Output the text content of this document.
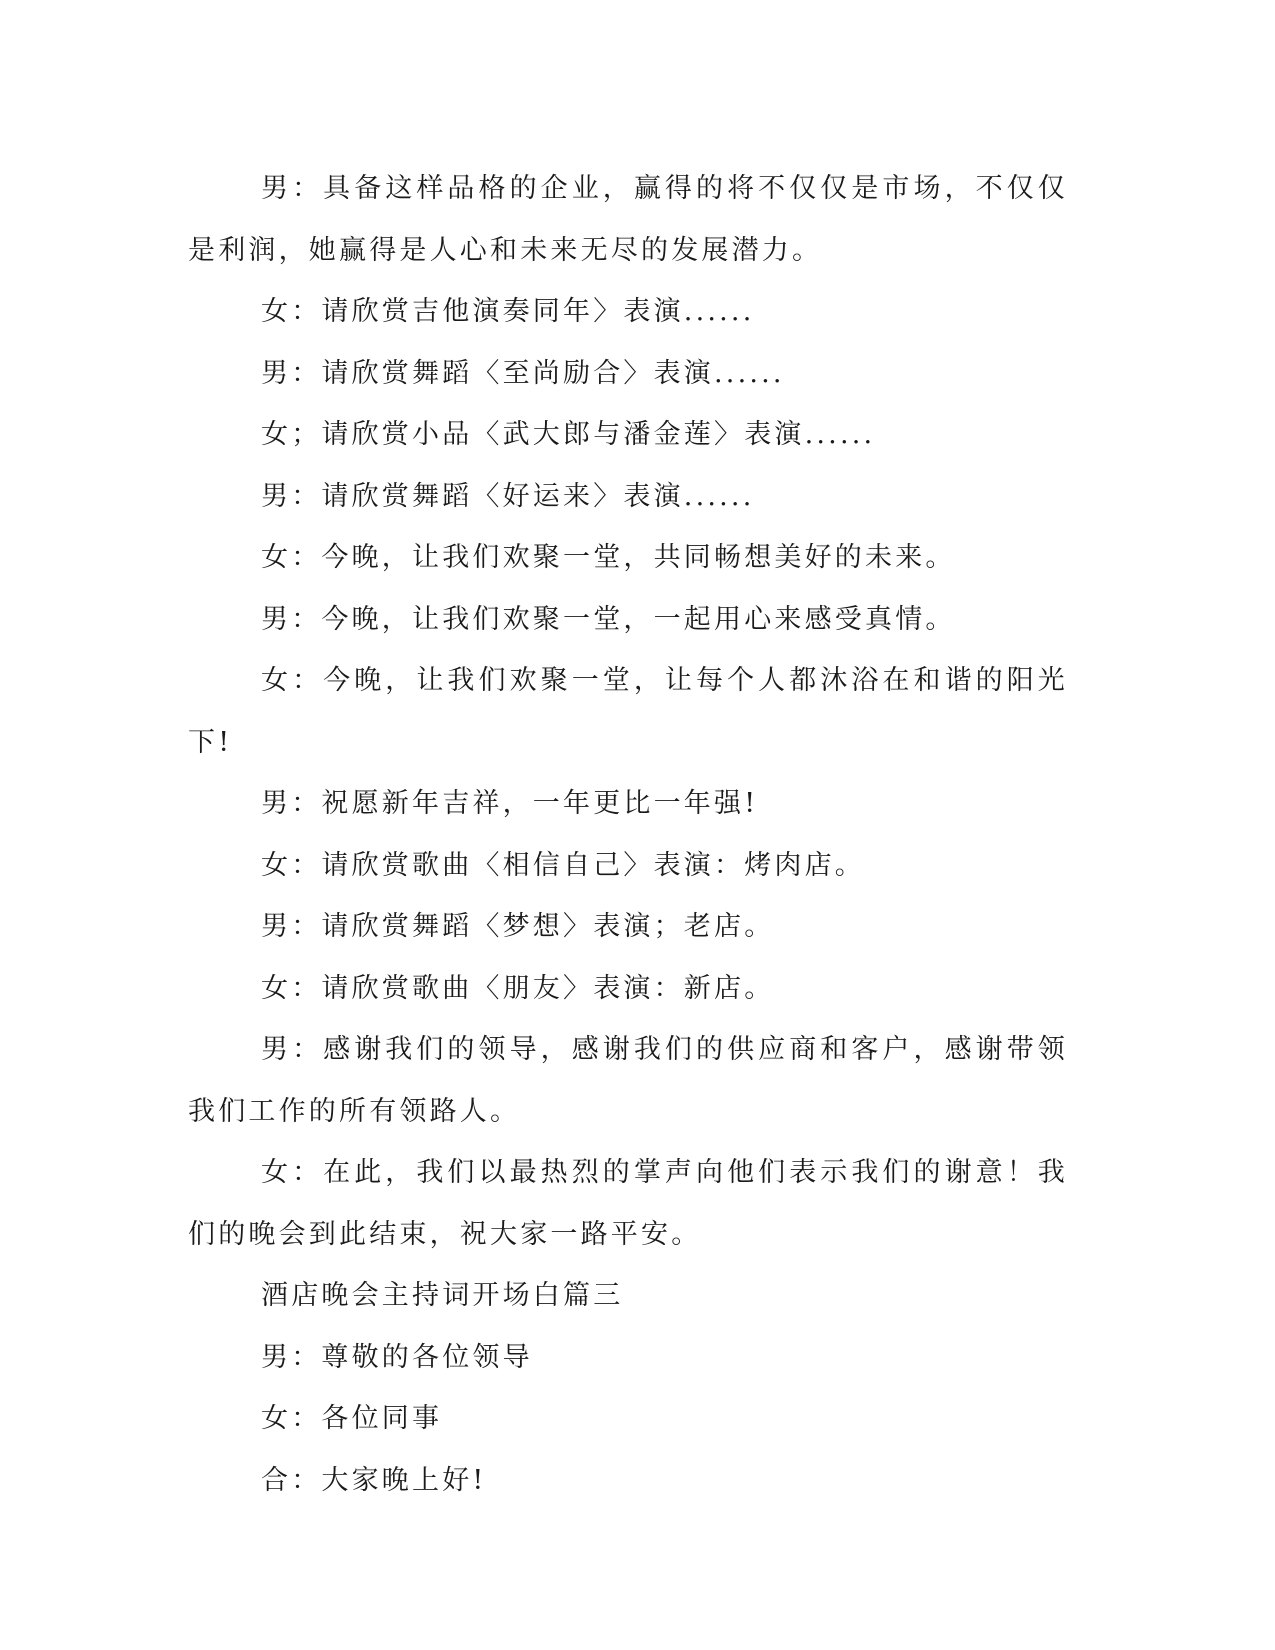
男：具备这样品格的企业，赢得的将不仅仅是市场，不仅仅是利润，她赢得是人心和未来无尽的发展潜力。

女：请欣赏吉他演奏同年〉表演......

男：请欣赏舞蹈〈至尚励合〉表演......

女；请欣赏小品〈武大郎与潘金莲〉表演......

男：请欣赏舞蹈〈好运来〉表演......

女：今晚，让我们欢聚一堂，共同畅想美好的未来。

男：今晚，让我们欢聚一堂，一起用心来感受真情。

女：今晚，让我们欢聚一堂，让每个人都沐浴在和谐的阳光下!

男：祝愿新年吉祥，一年更比一年强!

女：请欣赏歌曲〈相信自己〉表演：烤肉店。

男：请欣赏舞蹈〈梦想〉表演；老店。

女：请欣赏歌曲〈朋友〉表演：新店。

男：感谢我们的领导，感谢我们的供应商和客户，感谢带领我们工作的所有领路人。

女：在此，我们以最热烈的掌声向他们表示我们的谢意！我们的晚会到此结束，祝大家一路平安。

酒店晚会主持词开场白篇三

男：尊敬的各位领导

女：各位同事

合：大家晚上好!
